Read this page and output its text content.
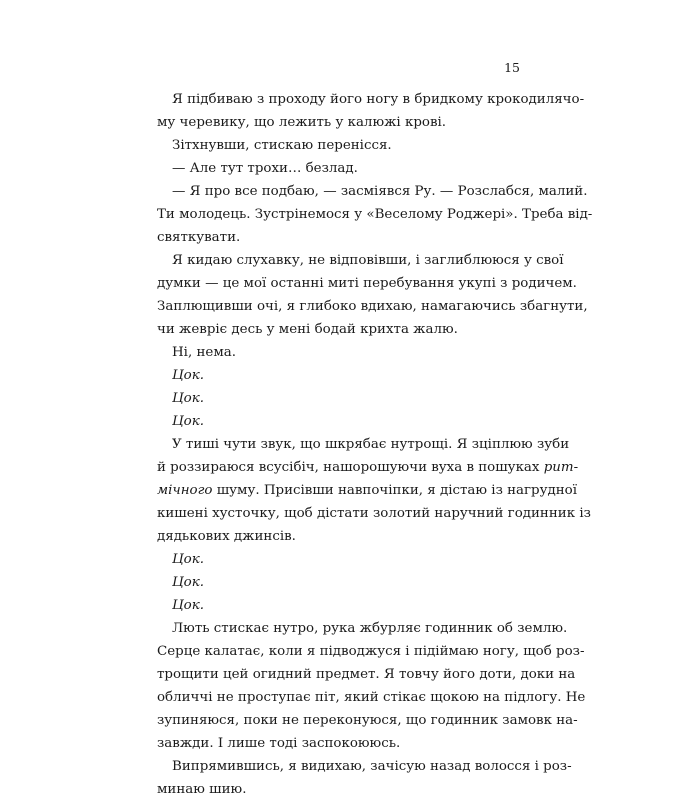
15
Я підбиваю з проходу його ногу в бридкому крокодилячо-
му черевику, що лежить у калюжі крові.
Зітхнувши, стискаю перенісся.
— Але тут трохи… безлад.
— Я про все подбаю, — засміявся Ру. — Розслабся, малий.
Ти молодець. Зустрінемося у «Веселому Роджері». Треба від-
святкувати.
Я кидаю слухавку, не відповівши, і заглиблююся у свої
думки — це мої останні миті перебування укупі з родичем.
Заплющивши очі, я глибоко вдихаю, намагаючись збагнути,
чи жевріє десь у мені бодай крихта жалю.
Ні, нема.
Цок.
Цок.
Цок.
У тиші чути звук, що шкрябає нутрощі. Я зціплюю зуби
й роззираюся всусібіч, нашорошуючи вуха в пошуках рит-
мічного шуму. Присівши навпочіпки, я дістаю із нагрудної
кишені хусточку, щоб дістати золотий наручний годинник із
дядькових джинсів.
Цок.
Цок.
Цок.
Лють стискає нутро, рука жбурляє годинник об землю.
Серце калатає, коли я підводжуся і підіймаю ногу, щоб роз-
трощити цей огидний предмет. Я товчу його доти, доки на
обличчі не проступає піт, який стікає щокою на підлогу. Не
зупиняюся, поки не переконуюся, що годинник замовк на-
завжди. І лише тоді заспокоююсь.
Випрямившись, я видихаю, зачісую назад волосся і роз-
минаю шию.
